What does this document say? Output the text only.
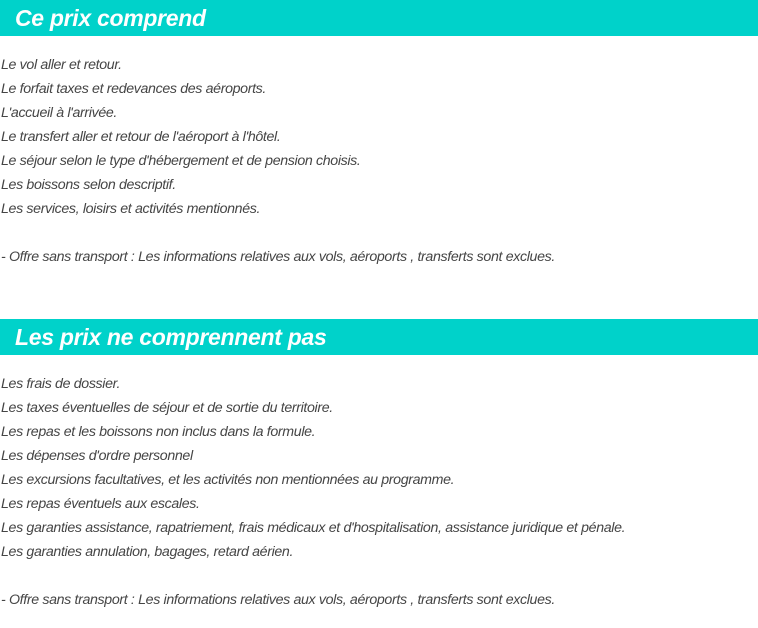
Ce prix comprend
Le vol aller et retour.
Le forfait taxes et redevances des aéroports.
L'accueil à l'arrivée.
Le transfert aller et retour de l'aéroport à l'hôtel.
Le séjour selon le type d'hébergement et de pension choisis.
Les boissons selon descriptif.
Les services, loisirs et activités mentionnés.

- Offre sans transport : Les informations relatives aux vols, aéroports , transferts sont exclues.

Les prix ne comprennent pas
Les frais de dossier.
Les taxes éventuelles de séjour et de sortie du territoire.
Les repas et les boissons non inclus dans la formule.
Les dépenses d'ordre personnel
Les excursions facultatives, et les activités non mentionnées au programme.
Les repas éventuels aux escales.
Les garanties assistance, rapatriement, frais médicaux et d'hospitalisation, assistance juridique et pénale.
Les garanties annulation, bagages, retard aérien.

- Offre sans transport : Les informations relatives aux vols, aéroports , transferts sont exclues.
